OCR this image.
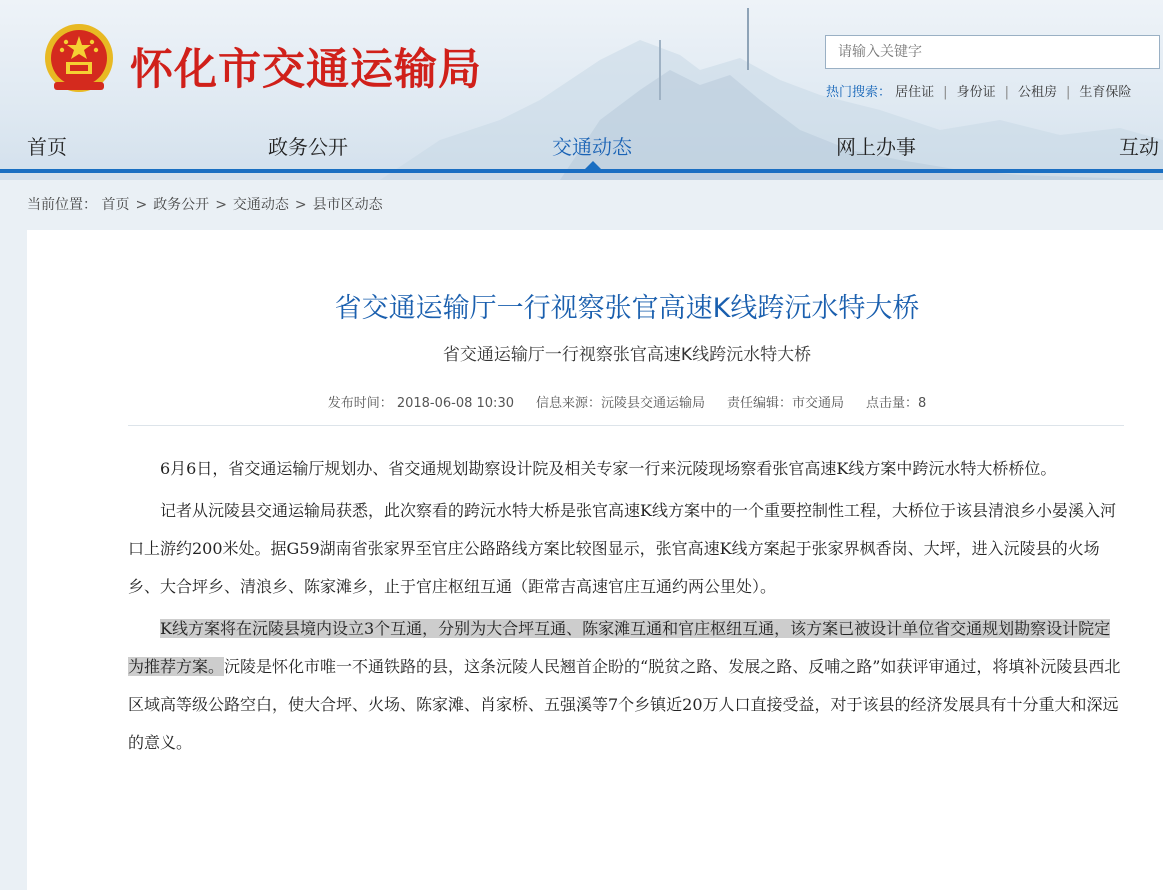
怀化市交通运输局
请输入关键字	热门搜索： 居住证 | 身份证 | 公租房 | 生育保险
首页	政务公开	交通动态	网上办事	互动
当前位置： 首页 > 政务公开 > 交通动态 > 县市区动态
省交通运输厅一行视察张官高速K线跨沅水特大桥
省交通运输厅一行视察张官高速K线跨沅水特大桥
发布时间： 2018-06-08 10:30 信息来源：沅陵县交通运输局 责任编辑：市交通局 点击量：8

6月6日，省交通运输厅规划办、省交通规划勘察设计院及相关专家一行来沅陵现场察看张官高速K线方案中跨沅水特大桥桥位。

记者从沅陵县交通运输局获悉，此次察看的跨沅水特大桥是张官高速K线方案中的一个重要控制性工程，大桥位于该县清浪乡小晏溪入河口上游约200米处。据G59湖南省张家界至官庄公路路线方案比较图显示，张官高速K线方案起于张家界枫香岗、大坪，进入沅陵县的火场乡、大合坪乡、清浪乡、陈家滩乡，止于官庄枢纽互通（距常吉高速官庄互通约两公里处）。

K线方案将在沅陵县境内设立3个互通，分别为大合坪互通、陈家滩互通和官庄枢纽互通，该方案已被设计单位省交通规划勘察设计院定为推荐方案。沅陵是怀化市唯一不通铁路的县，这条沅陵人民翘首企盼的“脱贫之路、发展之路、反哺之路”如获评审通过，将填补沅陵县西北区域高等级公路空白，使大合坪、火场、陈家滩、肖家桥、五强溪等7个乡镇近20万人口直接受益，对于该县的经济发展具有十分重大和深远的意义。
